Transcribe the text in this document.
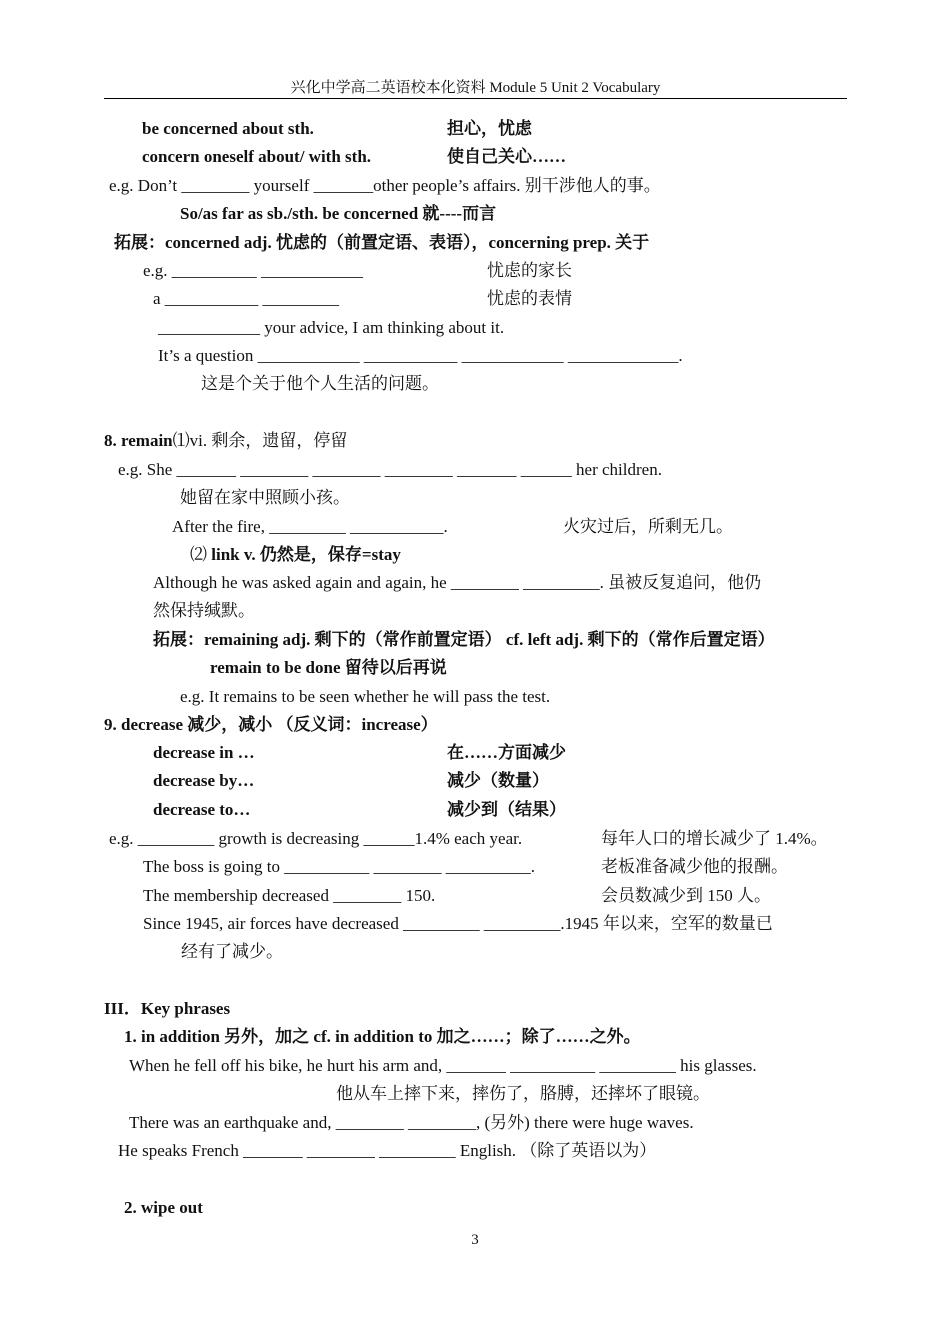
兴化中学高二英语校本化资料 Module 5 Unit 2 Vocabulary
be concerned about sth.	担心，忧虑
concern oneself about/ with sth.	使自己关心……
e.g. Don’t ________ yourself _______other people’s affairs. 别干涉他人的事。
So/as far as sb./sth. be concerned 就----而言
拓展：concerned adj. 忧虑的（前置定语、表语），concerning prep. 关于
e.g. __________ ____________	忧虑的家长
a ___________ _________	忧虑的表情
____________ your advice, I am thinking about it.
It’s a question ____________ ___________ ____________ _____________.
这是个关于他个人生活的问题。
8. remain⑴vi. 剩余，遗留，停留
e.g. She _______ ________ ________ ________ _______ ______ her children.
她留在家中照顾小孩。
After the fire, _________ ___________.	火灾过后，所剩无几。
⑵ link v. 仍然是，保存=stay
Although he was asked again and again, he ________ _________. 虽被反复追问，他仍
然保持缄默。
拓展：remaining adj. 剩下的（常作前置定语） cf. left adj. 剩下的（常作后置定语）
remain to be done 留待以后再说
e.g. It remains to be seen whether he will pass the test.
9. decrease 减少，减小 （反义词：increase）
decrease in …	在……方面减少
decrease by…	减少（数量）
decrease to…	减少到（结果）
e.g. _________ growth is decreasing ______1.4% each year.	每年人口的增长减少了 1.4%。
The boss is going to __________ ________ __________.	老板准备减少他的报酬。
The membership decreased ________ 150.	会员数减少到 150 人。
Since 1945, air forces have decreased _________ _________.1945 年以来，空军的数量已
经有了减少。
III．Key phrases
1. in addition 另外，加之 cf. in addition to 加之……；除了……之外。
When he fell off his bike, he hurt his arm and, _______ __________ _________ his glasses.
他从车上摔下来，摔伤了，胳膊，还摔坏了眼镜。
There was an earthquake and, ________ ________, (另外) there were huge waves.
He speaks French _______ ________ _________ English. （除了英语以为）
2. wipe out
3
